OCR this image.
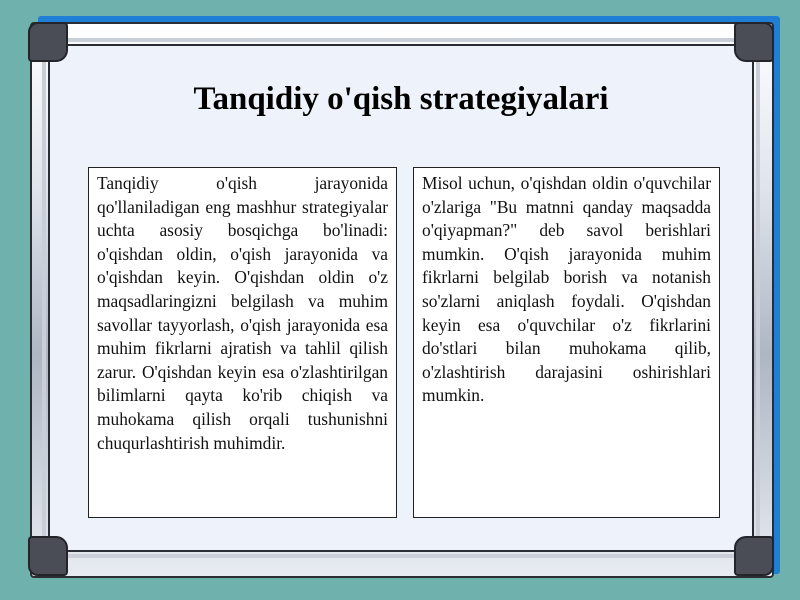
Tanqidiy o'qish strategiyalari
Tanqidiy o'qish jarayonida qo'llaniladigan eng mashhur strategiyalar uchta asosiy bosqichga bo'linadi: o'qishdan oldin, o'qish jarayonida va o'qishdan keyin. O'qishdan oldin o'z maqsadlaringizni belgilash va muhim savollar tayyorlash, o'qish jarayonida esa muhim fikrlarni ajratish va tahlil qilish zarur. O'qishdan keyin esa o'zlashtirilgan bilimlarni qayta ko'rib chiqish va muhokama qilish orqali tushunishni chuqurlashtirish muhimdir.
Misol uchun, o'qishdan oldin o'quvchilar o'zlariga "Bu matnni qanday maqsadda o'qiyapman?" deb savol berishlari mumkin. O'qish jarayonida muhim fikrlarni belgilab borish va notanish so'zlarni aniqlash foydali. O'qishdan keyin esa o'quvchilar o'z fikrlarini do'stlari bilan muhokama qilib, o'zlashtirish darajasini oshirishlari mumkin.
